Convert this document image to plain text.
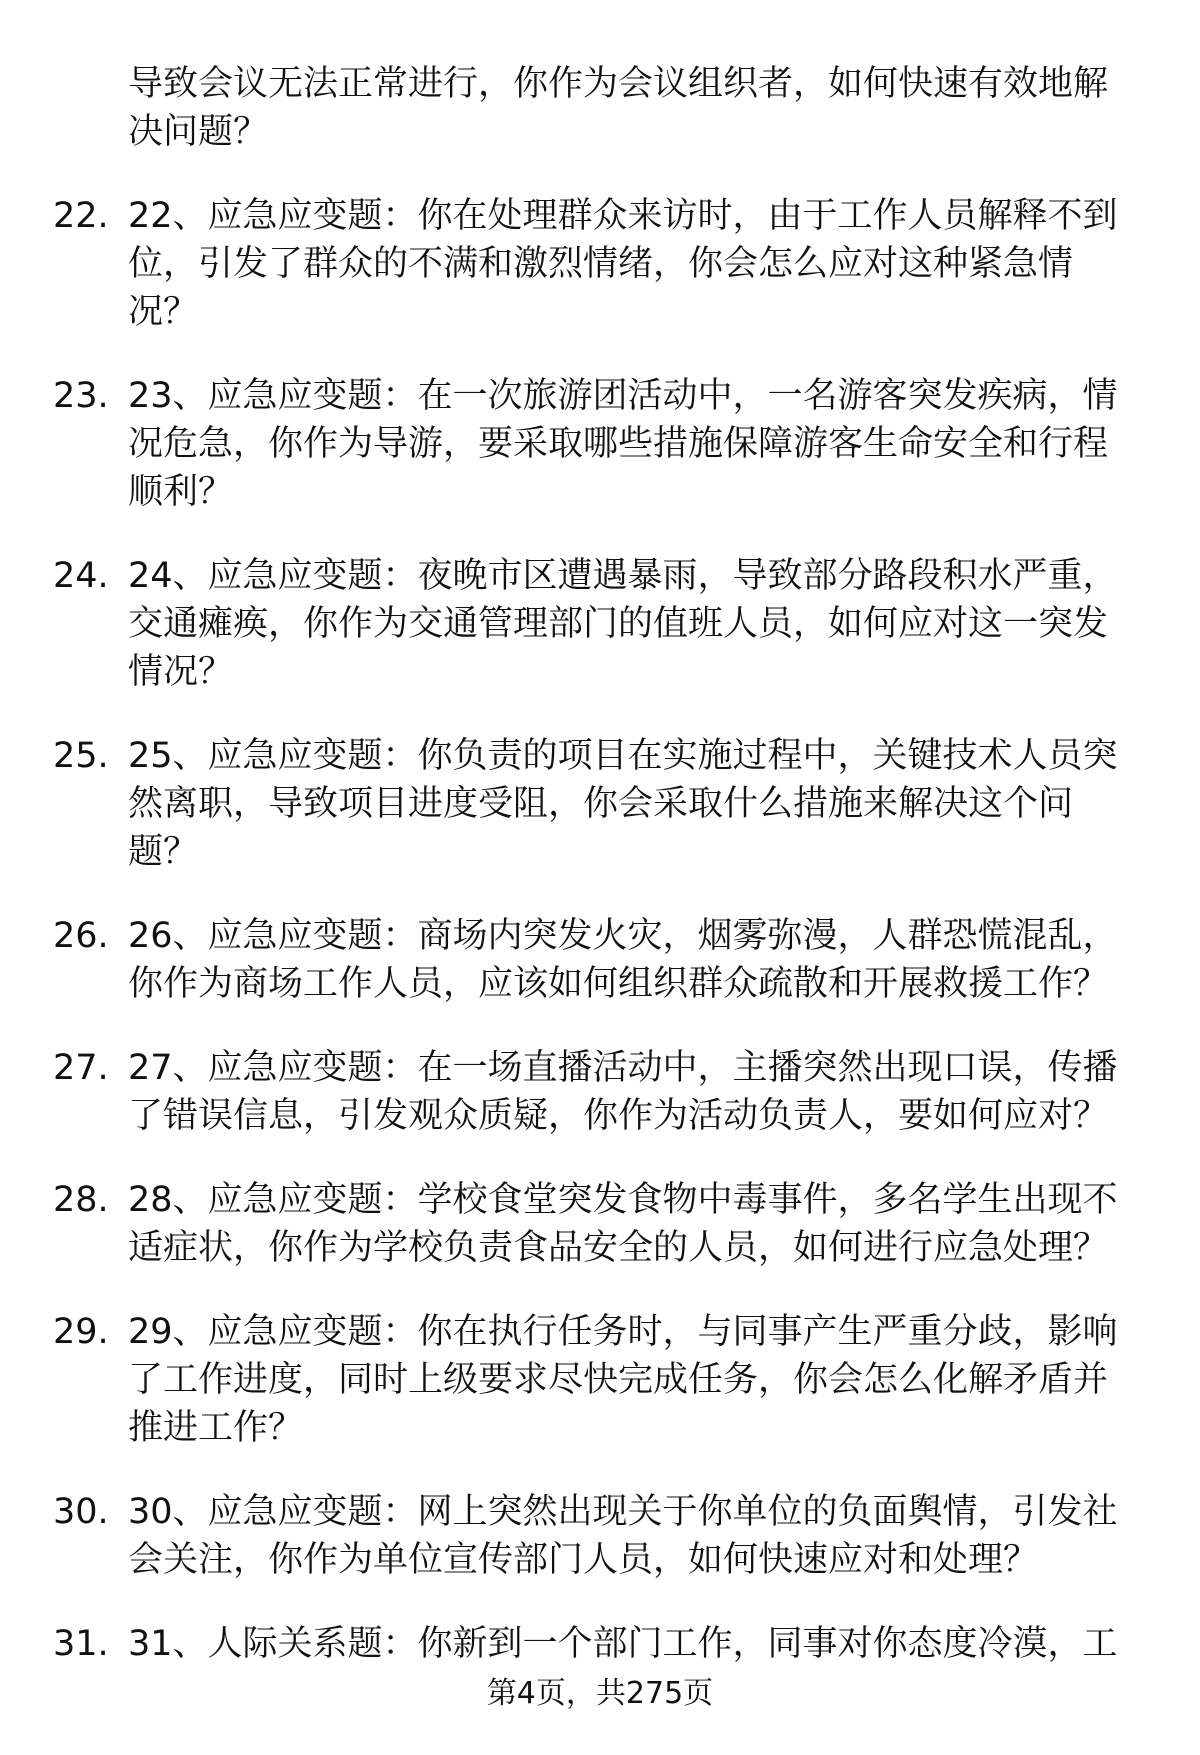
导致会议无法正常进行，你作为会议组织者，如何快速有效地解
决问题？
22. 22、应急应变题：你在处理群众来访时，由于工作人员解释不到
位，引发了群众的不满和激烈情绪，你会怎么应对这种紧急情
况？
23. 23、应急应变题：在一次旅游团活动中，一名游客突发疾病，情
况危急，你作为导游，要采取哪些措施保障游客生命安全和行程
顺利？
24. 24、应急应变题：夜晚市区遭遇暴雨，导致部分路段积水严重，
交通瘫痪，你作为交通管理部门的值班人员，如何应对这一突发
情况？
25. 25、应急应变题：你负责的项目在实施过程中，关键技术人员突
然离职，导致项目进度受阻，你会采取什么措施来解决这个问
题？
26. 26、应急应变题：商场内突发火灾，烟雾弥漫，人群恐慌混乱，
你作为商场工作人员，应该如何组织群众疏散和开展救援工作？
27. 27、应急应变题：在一场直播活动中，主播突然出现口误，传播
了错误信息，引发观众质疑，你作为活动负责人，要如何应对？
28. 28、应急应变题：学校食堂突发食物中毒事件，多名学生出现不
适症状，你作为学校负责食品安全的人员，如何进行应急处理？
29. 29、应急应变题：你在执行任务时，与同事产生严重分歧，影响
了工作进度，同时上级要求尽快完成任务，你会怎么化解矛盾并
推进工作？
30. 30、应急应变题：网上突然出现关于你单位的负面舆情，引发社
会关注，你作为单位宣传部门人员，如何快速应对和处理？
31. 31、人际关系题：你新到一个部门工作，同事对你态度冷漠，工
第4页，共275页
